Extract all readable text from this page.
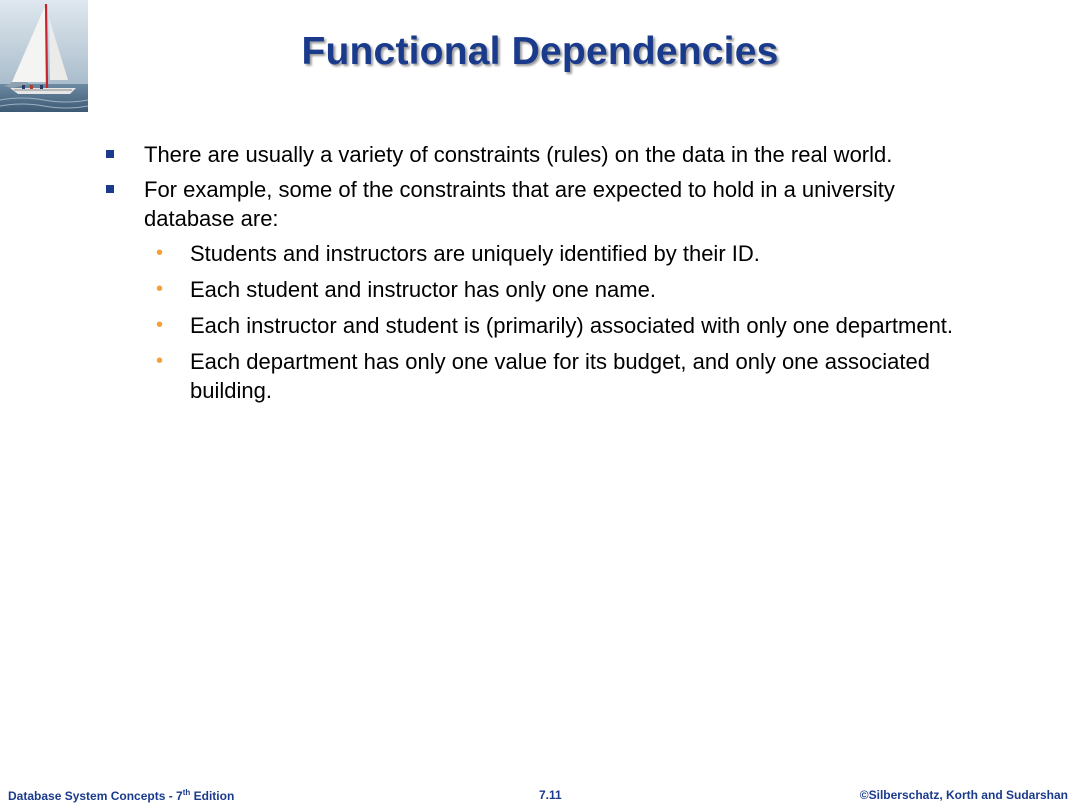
Functional Dependencies
There are usually a variety of constraints (rules) on the data in the real world.
For example, some of the constraints that are expected to hold in a university database are:
• Students and instructors are uniquely identified by their ID.
• Each student and instructor has only one name.
• Each instructor and student is (primarily) associated with only one department.
• Each department has only one value for its budget, and only one associated building.
Database System Concepts - 7th Edition	7.11	©Silberschatz, Korth and Sudarshan
